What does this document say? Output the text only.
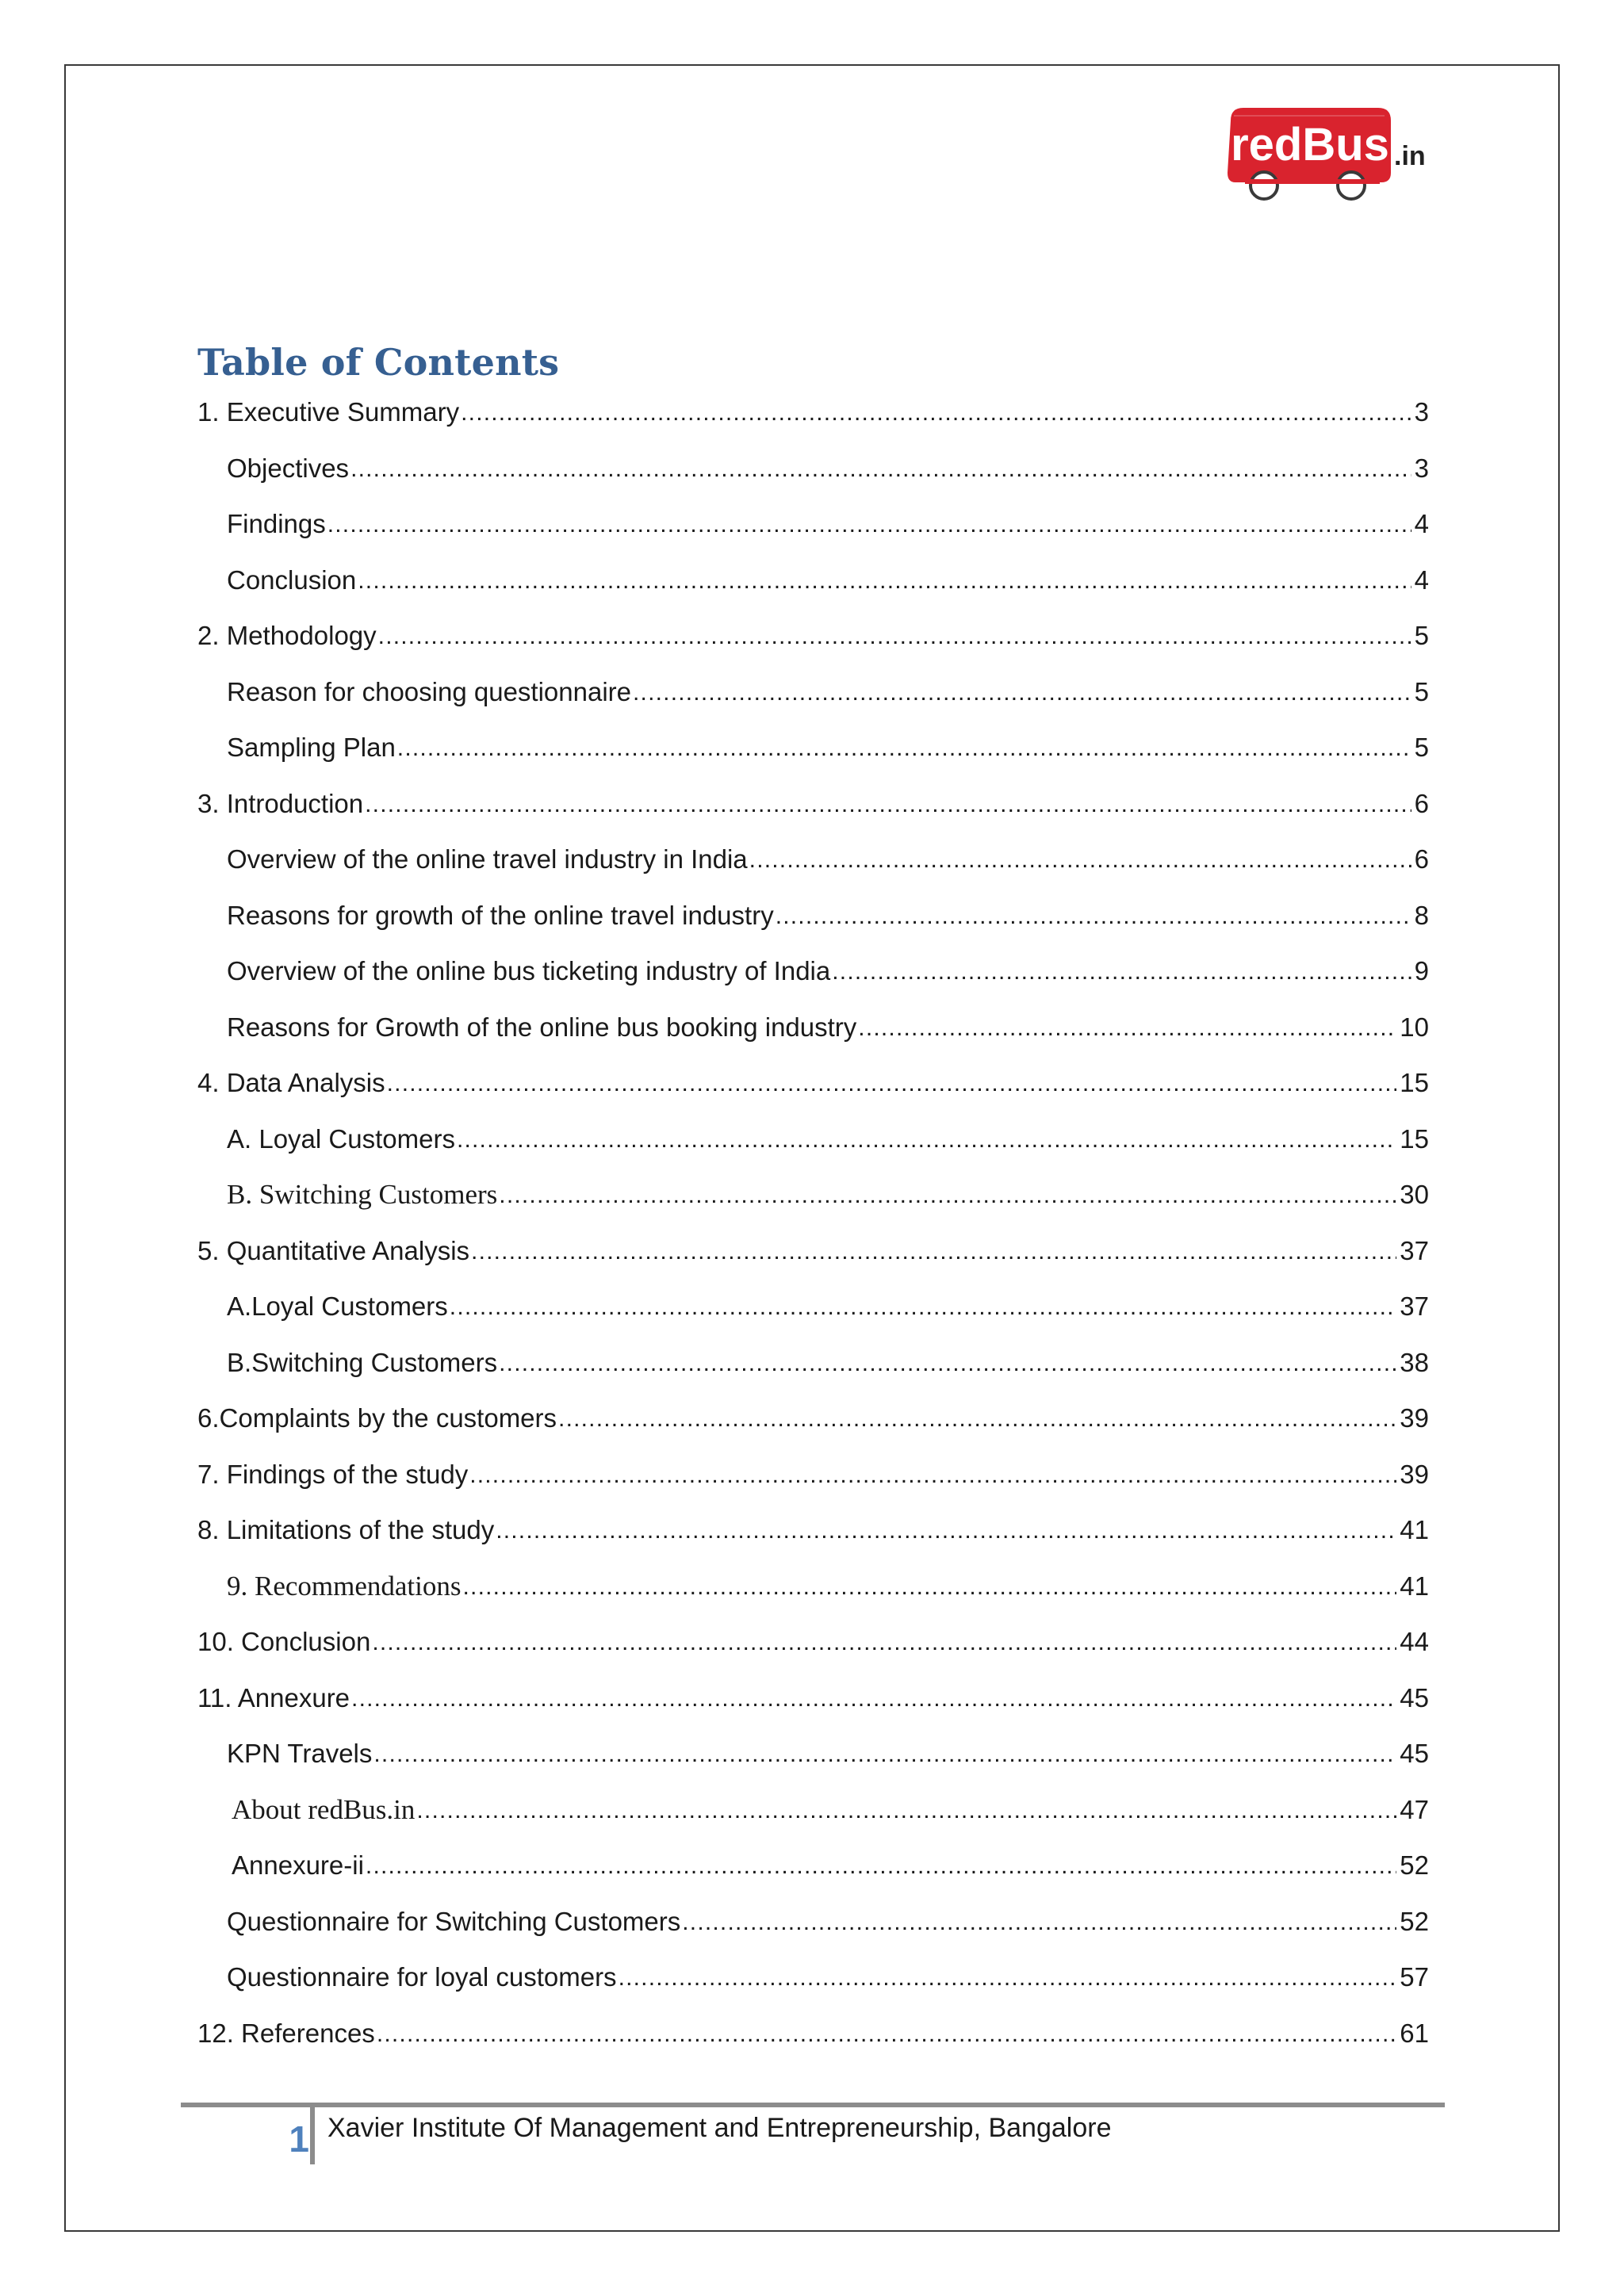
redBus .in
Table of Contents
1. Executive Summary .....	3
Objectives .....	3
Findings .....	4
Conclusion .....	4
2. Methodology .....	5
Reason for choosing questionnaire .....	5
Sampling Plan .....	5
3. Introduction .....	6
Overview of the online travel industry in India .....	6
Reasons for growth of the online travel industry .....	8
Overview of the online bus ticketing industry of India .....	9
Reasons for Growth of the online bus booking industry .....	10
4. Data Analysis .....	15
A. Loyal Customers .....	15
B. Switching Customers .....	30
5. Quantitative Analysis .....	37
A.Loyal Customers .....	37
B.Switching Customers .....	38
6.Complaints by the customers .....	39
7. Findings of the study .....	39
8. Limitations of the study .....	41
9. Recommendations .....	41
10. Conclusion .....	44
11. Annexure .....	45
KPN Travels .....	45
About redBus.in .....	47
Annexure-ii .....	52
Questionnaire for Switching Customers .....	52
Questionnaire for loyal customers .....	57
12. References .....	61
1 Xavier Institute Of Management and Entrepreneurship, Bangalore
